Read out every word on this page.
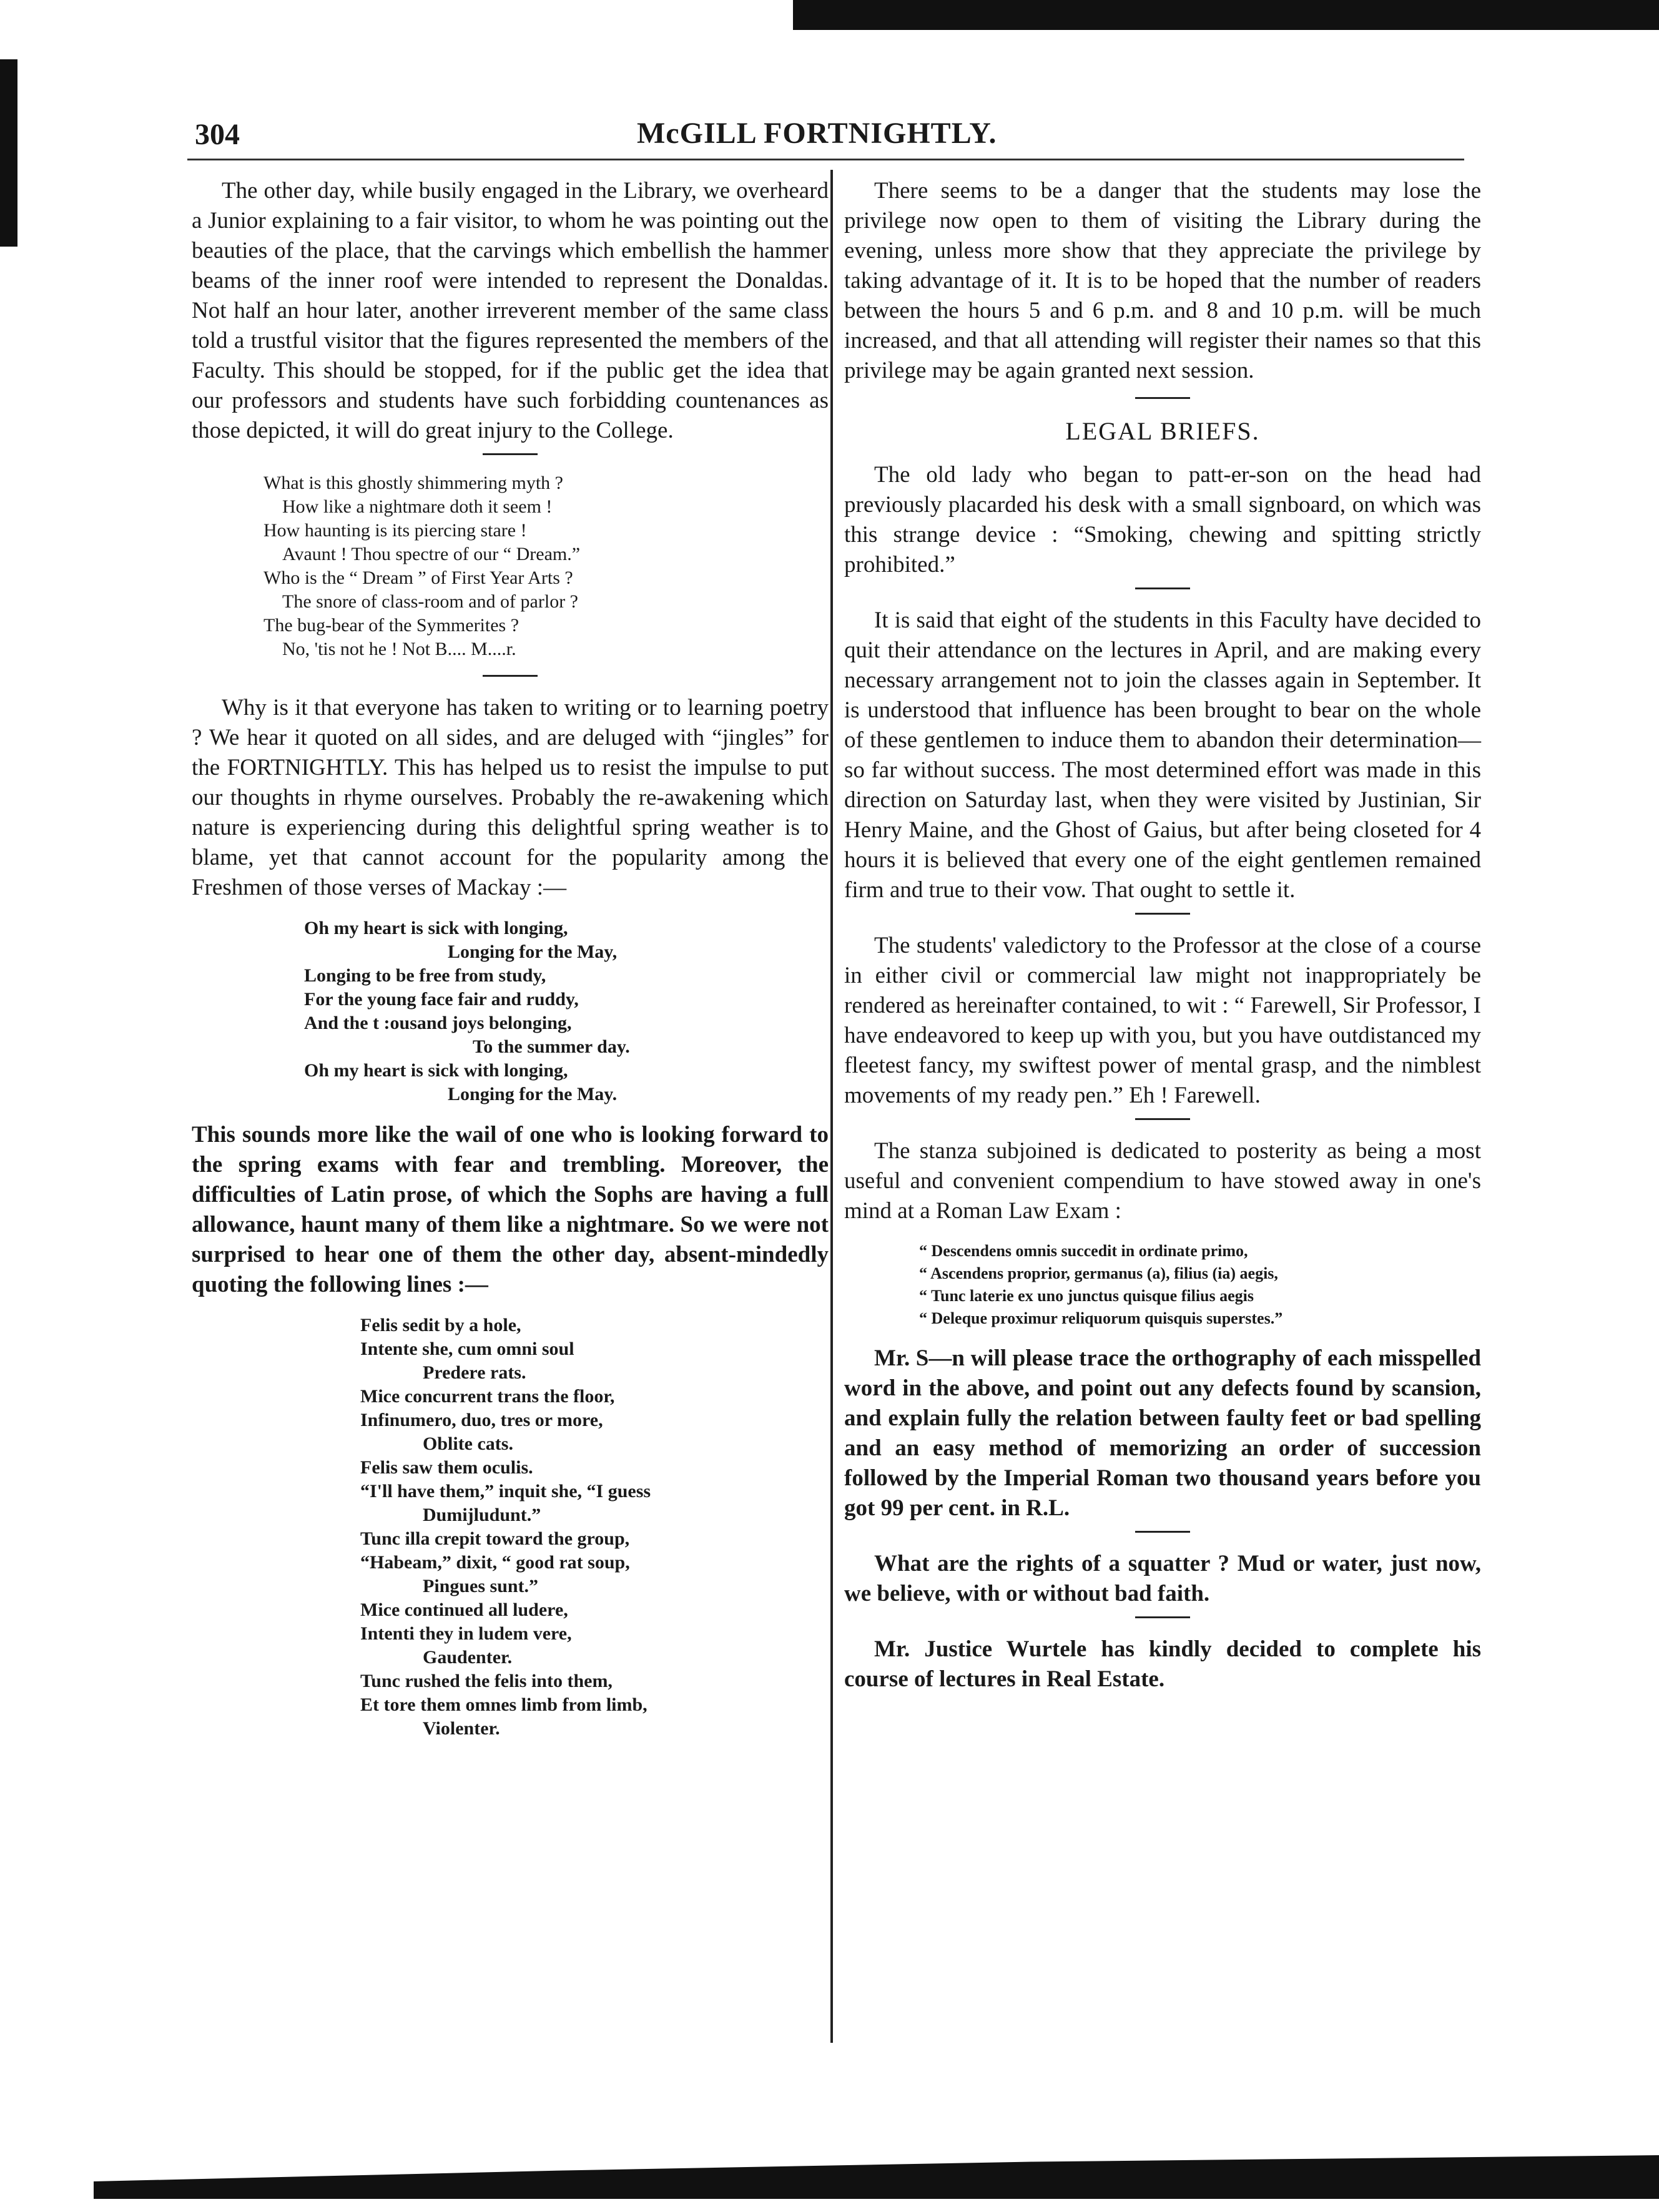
304	McGILL FORTNIGHTLY.

The other day, while busily engaged in the Library, we overheard a Junior explaining to a fair visitor, to whom he was pointing out the beauties of the place, that the carvings which embellish the hammer beams of the inner roof were intended to represent the Donaldas. Not half an hour later, another irreverent member of the same class told a trustful visitor that the figures represented the members of the Faculty. This should be stopped, for if the public get the idea that our professors and students have such forbidding countenances as those depicted, it will do great injury to the College.

What is this ghostly shimmering myth ?
How like a nightmare doth it seem !
How haunting is its piercing stare !
Avaunt ! Thou spectre of our “ Dream.”
Who is the “ Dream ” of First Year Arts ?
The snore of class-room and of parlor ?
The bug-bear of the Symmerites ?
No, 'tis not he ! Not B.... M....r.

Why is it that everyone has taken to writing or to learning poetry ? We hear it quoted on all sides, and are deluged with “jingles” for the FORTNIGHTLY. This has helped us to resist the impulse to put our thoughts in rhyme ourselves. Probably the re-awakening which nature is experiencing during this delightful spring weather is to blame, yet that cannot account for the popularity among the Freshmen of those verses of Mackay :—

Oh my heart is sick with longing,
Longing for the May,
Longing to be free from study,
For the young face fair and ruddy,
And the t :ousand joys belonging,
To the summer day.
Oh my heart is sick with longing,
Longing for the May.

This sounds more like the wail of one who is looking forward to the spring exams with fear and trembling. Moreover, the difficulties of Latin prose, of which the Sophs are having a full allowance, haunt many of them like a nightmare. So we were not surprised to hear one of them the other day, absent-mindedly quoting the following lines :—

Felis sedit by a hole,
Intente she, cum omni soul
Predere rats.
Mice concurrent trans the floor,
Infinumero, duo, tres or more,
Oblite cats.
Felis saw them oculis.
“I'll have them,” inquit she, “I guess
Dumijludunt.”
Tunc illa crepit toward the group,
“Habeam,” dixit, “ good rat soup,
Pingues sunt.”
Mice continued all ludere,
Intenti they in ludem vere,
Gaudenter.
Tunc rushed the felis into them,
Et tore them omnes limb from limb,
Violenter.

There seems to be a danger that the students may lose the privilege now open to them of visiting the Library during the evening, unless more show that they appreciate the privilege by taking advantage of it. It is to be hoped that the number of readers between the hours 5 and 6 p.m. and 8 and 10 p.m. will be much increased, and that all attending will register their names so that this privilege may be again granted next session.

LEGAL BRIEFS.

The old lady who began to patt-er-son on the head had previously placarded his desk with a small signboard, on which was this strange device : “Smoking, chewing and spitting strictly prohibited.”

It is said that eight of the students in this Faculty have decided to quit their attendance on the lectures in April, and are making every necessary arrangement not to join the classes again in September. It is understood that influence has been brought to bear on the whole of these gentlemen to induce them to abandon their determination—so far without success. The most determined effort was made in this direction on Saturday last, when they were visited by Justinian, Sir Henry Maine, and the Ghost of Gaius, but after being closeted for 4 hours it is believed that every one of the eight gentlemen remained firm and true to their vow. That ought to settle it.

The students' valedictory to the Professor at the close of a course in either civil or commercial law might not inappropriately be rendered as hereinafter contained, to wit : “ Farewell, Sir Professor, I have endeavored to keep up with you, but you have outdistanced my fleetest fancy, my swiftest power of mental grasp, and the nimblest movements of my ready pen.” Eh ! Farewell.

The stanza subjoined is dedicated to posterity as being a most useful and convenient compendium to have stowed away in one's mind at a Roman Law Exam :

“ Descendens omnis succedit in ordinate primo,
“ Ascendens proprior, germanus (a), filius (ia) aegis,
“ Tunc laterie ex uno junctus quisque filius aegis
“ Deleque proximur reliquorum quisquis superstes.”

Mr. S—n will please trace the orthography of each misspelled word in the above, and point out any defects found by scansion, and explain fully the relation between faulty feet or bad spelling and an easy method of memorizing an order of succession followed by the Imperial Roman two thousand years before you got 99 per cent. in R.L.

What are the rights of a squatter ? Mud or water, just now, we believe, with or without bad faith.

Mr. Justice Wurtele has kindly decided to complete his course of lectures in Real Estate.
